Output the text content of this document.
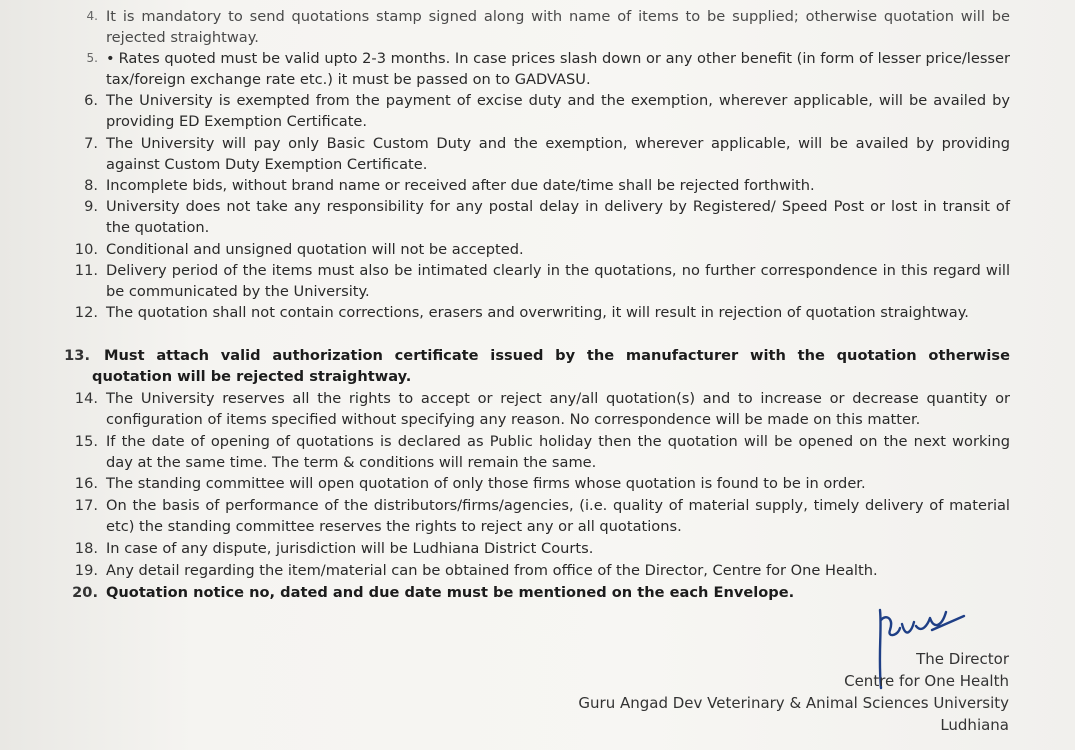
4. It is mandatory to send quotations stamp signed along with name of items to be supplied; otherwise quotation will be rejected straightway.
5. • Rates quoted must be valid upto 2-3 months. In case prices slash down or any other benefit (in form of lesser price/lesser tax/foreign exchange rate etc.) it must be passed on to GADVASU.
6. The University is exempted from the payment of excise duty and the exemption, wherever applicable, will be availed by providing ED Exemption Certificate.
7. The University will pay only Basic Custom Duty and the exemption, wherever applicable, will be availed by providing against Custom Duty Exemption Certificate.
8. Incomplete bids, without brand name or received after due date/time shall be rejected forthwith.
9. University does not take any responsibility for any postal delay in delivery by Registered/ Speed Post or lost in transit of the quotation.
10. Conditional and unsigned quotation will not be accepted.
11. Delivery period of the items must also be intimated clearly in the quotations, no further correspondence in this regard will be communicated by the University.
12. The quotation shall not contain corrections, erasers and overwriting, it will result in rejection of quotation straightway.
13. Must attach valid authorization certificate issued by the manufacturer with the quotation otherwise quotation will be rejected straightway.
14. The University reserves all the rights to accept or reject any/all quotation(s) and to increase or decrease quantity or configuration of items specified without specifying any reason. No correspondence will be made on this matter.
15. If the date of opening of quotations is declared as Public holiday then the quotation will be opened on the next working day at the same time. The term & conditions will remain the same.
16. The standing committee will open quotation of only those firms whose quotation is found to be in order.
17. On the basis of performance of the distributors/firms/agencies, (i.e. quality of material supply, timely delivery of material etc) the standing committee reserves the rights to reject any or all quotations.
18. In case of any dispute, jurisdiction will be Ludhiana District Courts.
19. Any detail regarding the item/material can be obtained from office of the Director, Centre for One Health.
20. Quotation notice no, dated and due date must be mentioned on the each Envelope.
The Director
Centre for One Health
Guru Angad Dev Veterinary & Animal Sciences University
Ludhiana
